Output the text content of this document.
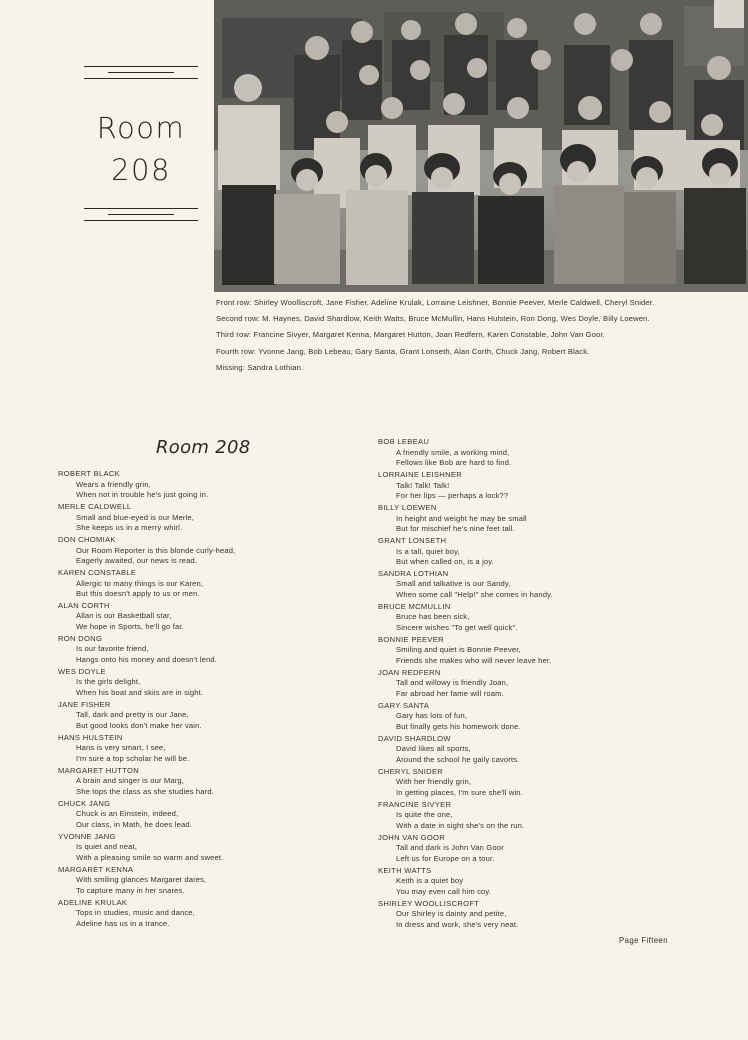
Room
208
Front row: Shirley Woolliscroft, Jane Fisher, Adeline Krulak, Lorraine Leishner, Bonnie Peever, Merle Caldwell, Cheryl Snider.
Second row: M. Haynes, David Shardlow, Keith Watts, Bruce McMullin, Hans Hulstein, Ron Dong, Wes Doyle, Billy Loewen.
Third row: Francine Sivyer, Margaret Kenna, Margaret Hutton, Joan Redfern, Karen Constable, John Van Goor.
Fourth row: Yvonne Jang, Bob Lebeau, Gary Santa, Grant Lonseth, Alan Corth, Chuck Jang, Robert Black.
Missing: Sandra Lothian.
Room 208
ROBERT BLACK
Wears a friendly grin,
When not in trouble he's just going in.
MERLE CALDWELL
Small and blue-eyed is our Merle,
She keeps us in a merry whirl.
DON CHOMIAK
Our Room Reporter is this blonde curly-head,
Eagerly awaited, our news is read.
KAREN CONSTABLE
Allergic to many things is our Karen,
But this doesn't apply to us or men.
ALAN CORTH
Allan is our Basketball star,
We hope in Sports, he'll go far.
RON DONG
Is our favorite friend,
Hangs onto his money and doesn't lend.
WES DOYLE
Is the girls delight,
When his boat and skiis are in sight.
JANE FISHER
Tall, dark and pretty is our Jane,
But good looks don't make her vain.
HANS HULSTEIN
Hans is very smart, I see,
I'm sure a top scholar he will be.
MARGARET HUTTON
A brain and singer is our Marg,
She tops the class as she studies hard.
CHUCK JANG
Chuck is an Einstein, indeed,
Our class, in Math, he does lead.
YVONNE JANG
Is quiet and neat,
With a pleasing smile so warm and sweet.
MARGARET KENNA
With smiling glances Margaret dares,
To capture many in her snares.
ADELINE KRULAK
Tops in studies, music and dance,
Adeline has us in a trance.
BOB LEBEAU
A friendly smile, a working mind,
Fellows like Bob are hard to find.
LORRAINE LEISHNER
Talk! Talk! Talk!
For her lips — perhaps a lock??
BILLY LOEWEN
In height and weight he may be small
But for mischief he's nine feet tall.
GRANT LONSETH
Is a tall, quiet boy,
But when called on, is a joy.
SANDRA LOTHIAN
Small and talkative is our Sandy,
When some call "Help!" she comes in handy.
BRUCE MCMULLIN
Bruce has been sick,
Sincere wishes "To get well quick".
BONNIE PEEVER
Smiling and quiet is Bonnie Peever,
Friends she makes who will never leave her.
JOAN REDFERN
Tall and willowy is friendly Joan,
Far abroad her fame will roam.
GARY SANTA
Gary has lots of fun,
But finally gets his homework done.
DAVID SHARDLOW
David likes all sports,
Around the school he gaily cavorts.
CHERYL SNIDER
With her friendly grin,
In getting places, I'm sure she'll win.
FRANCINE SIVYER
Is quite the one,
With a date in sight she's on the run.
JOHN VAN GOOR
Tall and dark is John Van Goor
Left us for Europe on a tour.
KEITH WATTS
Keith is a quiet boy
You may even call him coy.
SHIRLEY WOOLLISCROFT
Our Shirley is dainty and petite,
In dress and work, she's very neat.
Page Fifteen
